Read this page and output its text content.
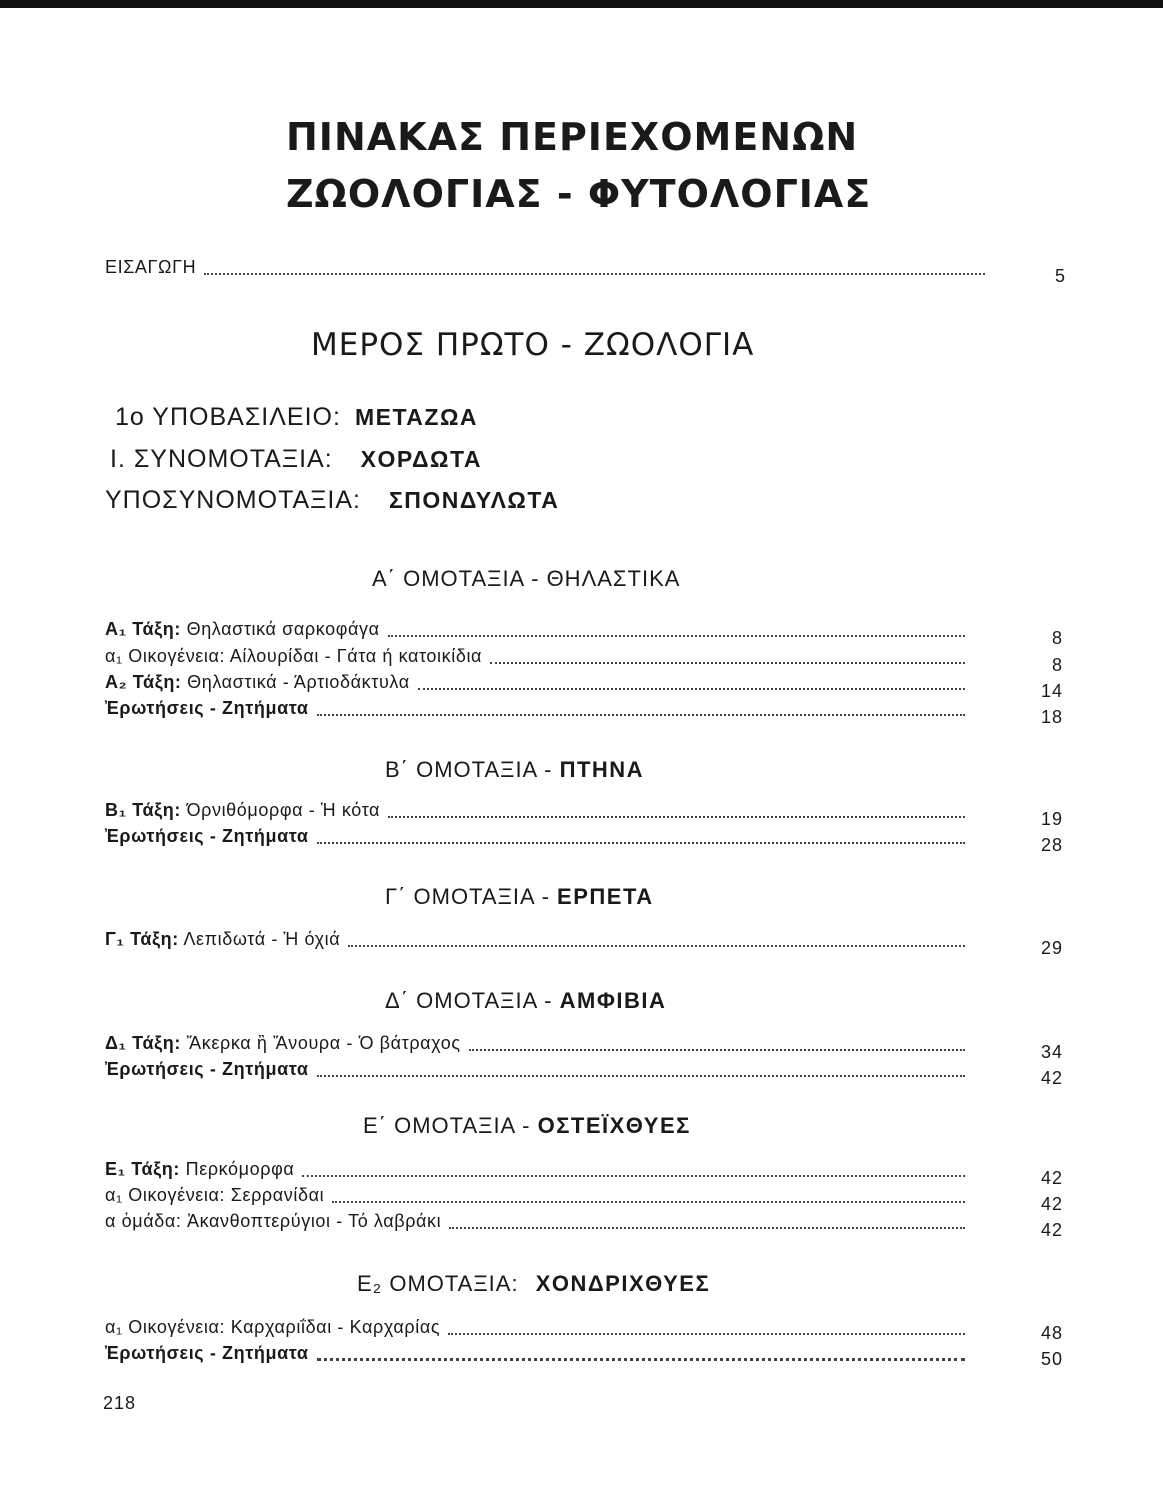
ΠΙΝΑΚΑΣ ΠΕΡΙΕΧΟΜΕΝΩΝ
ΖΩΟΛΟΓΙΑΣ - ΦΥΤΟΛΟΓΙΑΣ
ΕΙΣΑΓΩΓΗ	5
ΜΕΡΟΣ ΠΡΩΤΟ - ΖΩΟΛΟΓΙΑ
1ο ΥΠΟΒΑΣΙΛΕΙΟ: ΜΕΤΑΖΩΑ
Ι. ΣΥΝΟΜΟΤΑΞΙΑ: ΧΟΡΔΩΤΑ
ΥΠΟΣΥΝΟΜΟΤΑΞΙΑ: ΣΠΟΝΔΥΛΩΤΑ
Α΄ ΟΜΟΤΑΞΙΑ - ΘΗΛΑΣΤΙΚΑ
Β΄ ΟΜΟΤΑΞΙΑ - ΠΤΗΝΑ
Γ΄ ΟΜΟΤΑΞΙΑ - ΕΡΠΕΤΑ
Δ΄ ΟΜΟΤΑΞΙΑ - ΑΜΦΙΒΙΑ
Ε΄ ΟΜΟΤΑΞΙΑ - ΟΣΤΕΪΧΘΥΕΣ
Ε₂ ΟΜΟΤΑΞΙΑ: ΧΟΝΔΡΙΧΘΥΕΣ
Α₁ Τάξη: Θηλαστικά σαρκοφάγα	8
α₁ Οικογένεια: Αίλουρίδαι - Γάτα ή κατοικίδια	8
Α₂ Τάξη: Θηλαστικά - Άρτιοδάκτυλα	14
Ἐρωτήσεις - Ζητήματα	18
Β₁ Τάξη: Όρνιθόμορφα - Ἡ κότα	19
Ἐρωτήσεις - Ζητήματα	28
Γ₁ Τάξη: Λεπιδωτά - Ἡ όχιά	29
Δ₁ Τάξη: Ἄκερκα ἢ Ἄνουρα - Ὁ βάτραχος	34
Ἐρωτήσεις - Ζητήματα	42
Ε₁ Τάξη: Περκόμορφα	42
α₁ Οικογένεια: Σερρανίδαι	42
α ὁμάδα: Ἀκανθοπτερύγιοι - Τό λαβράκι	42
α₁ Οικογένεια: Καρχαριΐδαι - Καρχαρίας	48
Ἐρωτήσεις - Ζητήματα	50
218
